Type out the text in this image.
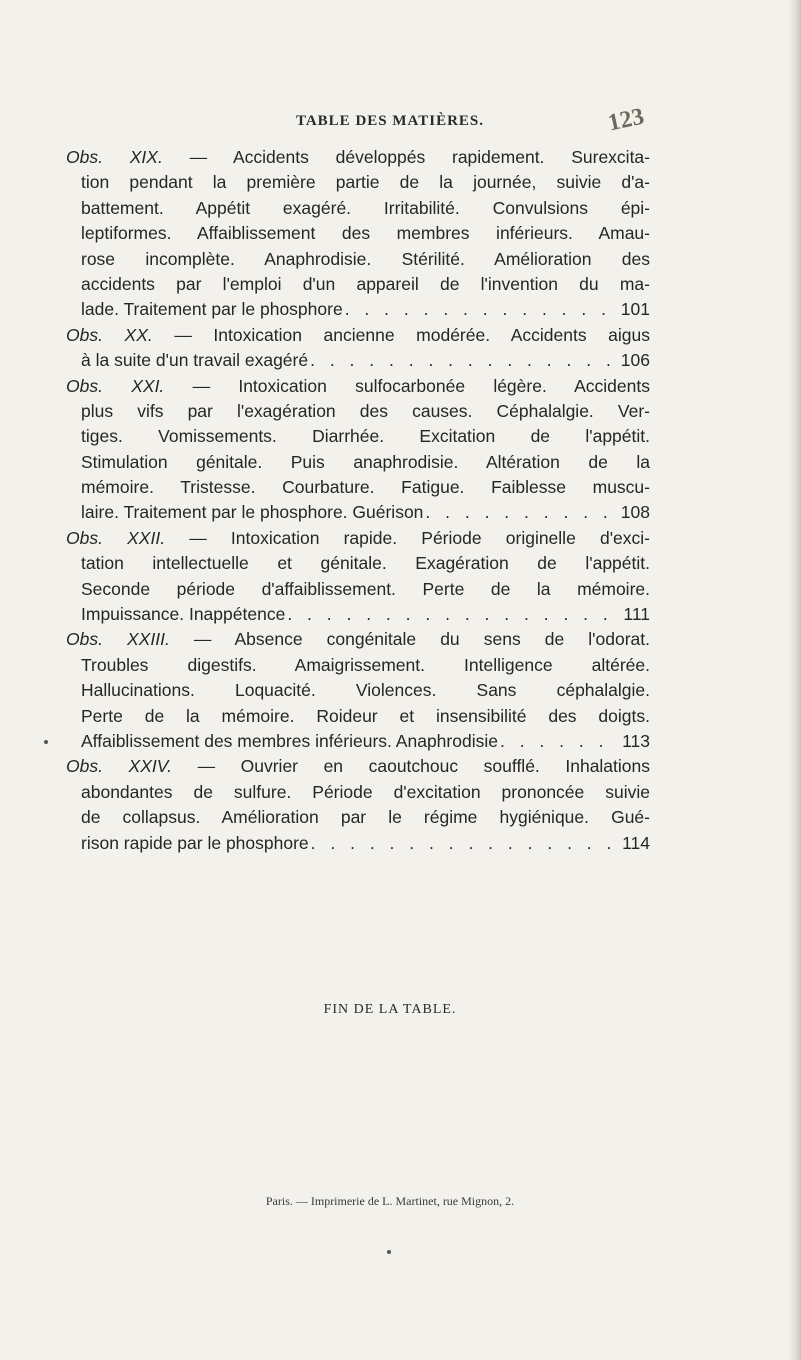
TABLE DES MATIÈRES.	123
Obs. XIX. — Accidents développés rapidement. Surexcita-
tion pendant la première partie de la journée, suivie d'a-
battement. Appétit exagéré. Irritabilité. Convulsions épi-
leptiformes. Affaiblissement des membres inférieurs. Amau-
rose incomplète. Anaphrodisie. Stérilité. Amélioration des
accidents par l'emploi d'un appareil de l'invention du ma-
lade. Traitement par le phosphore . . .	101
Obs. XX. — Intoxication ancienne modérée. Accidents aigus
à la suite d'un travail exagéré . . .	106
Obs. XXI. — Intoxication sulfocarbonée légère. Accidents
plus vifs par l'exagération des causes. Céphalalgie. Ver-
tiges. Vomissements. Diarrhée. Excitation de l'appétit.
Stimulation génitale. Puis anaphrodisie. Altération de la
mémoire. Tristesse. Courbature. Fatigue. Faiblesse muscu-
laire. Traitement par le phosphore. Guérison . . .	108
Obs. XXII. — Intoxication rapide. Période originelle d'exci-
tation intellectuelle et génitale. Exagération de l'appétit.
Seconde période d'affaiblissement. Perte de la mémoire.
Impuissance. Inappétence . . .	111
Obs. XXIII. — Absence congénitale du sens de l'odorat.
Troubles digestifs. Amaigrissement. Intelligence altérée.
Hallucinations. Loquacité. Violences. Sans céphalalgie.
Perte de la mémoire. Roideur et insensibilité des doigts.
Affaiblissement des membres inférieurs. Anaphrodisie . . .	113
Obs. XXIV. — Ouvrier en caoutchouc soufflé. Inhalations
abondantes de sulfure. Période d'excitation prononcée suivie
de collapsus. Amélioration par le régime hygiénique. Gué-
rison rapide par le phosphore . . .	114
FIN DE LA TABLE.
Paris. — Imprimerie de L. Martinet, rue Mignon, 2.
